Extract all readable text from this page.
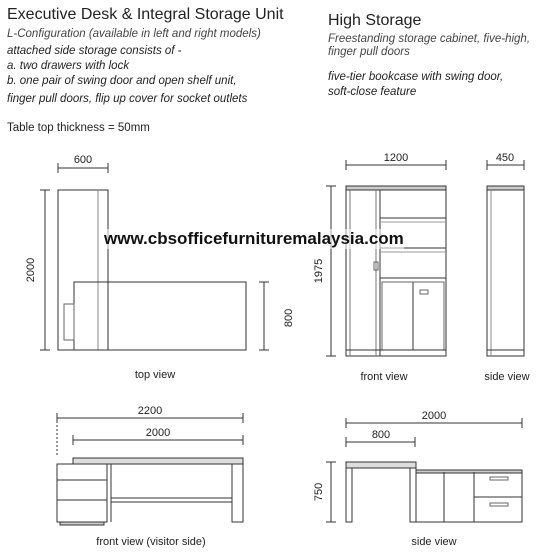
Executive Desk & Integral Storage Unit
L-Configuration (available in left and right models)
attached side storage consists of -
a. two drawers with lock
b. one pair of swing door and open shelf unit,
finger pull doors, flip up cover for socket outlets
Table top thickness = 50mm
High Storage
Freestanding storage cabinet, five-high,
finger pull doors
five-tier bookcase with swing door,
soft-close feature
600
2000
800
1200	450
1975
2200
2000
2000
800
750
top view	front view	side view
front view (visitor side)	side view
www.cbsofficefurnituremalaysia.com
